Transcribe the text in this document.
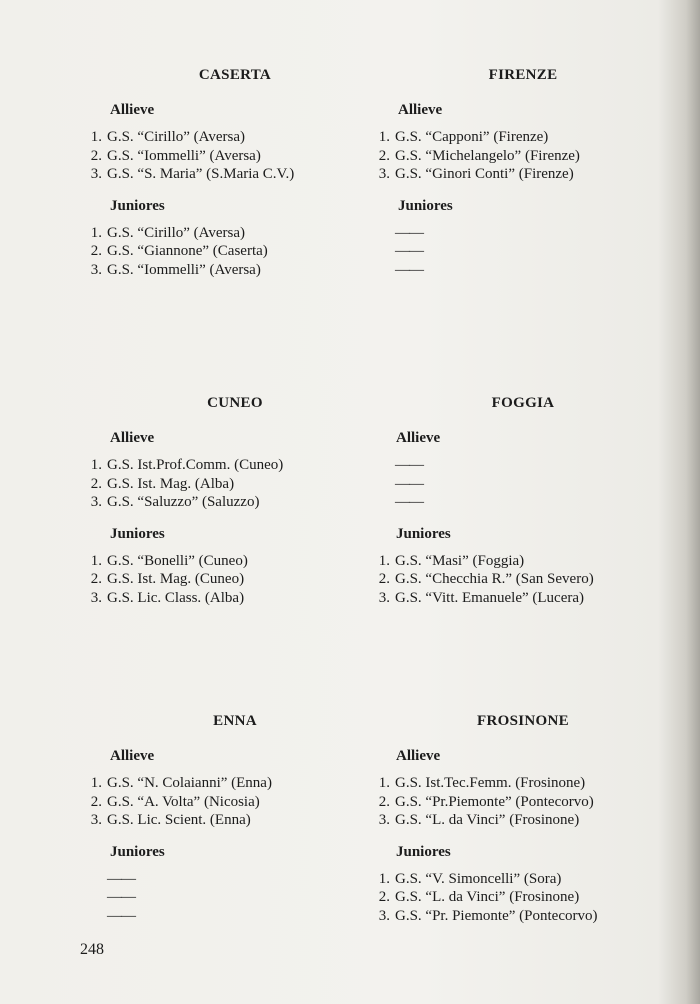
CASERTA
Allieve
1. G.S. “Cirillo” (Aversa)
2. G.S. “Iommelli” (Aversa)
3. G.S. “S. Maria” (S.Maria C.V.)
Juniores
1. G.S. “Cirillo” (Aversa)
2. G.S. “Giannone” (Caserta)
3. G.S. “Iommelli” (Aversa)
FIRENZE
Allieve
1. G.S. “Capponi” (Firenze)
2. G.S. “Michelangelo” (Firenze)
3. G.S. “Ginori Conti” (Firenze)
Juniores
——
——
——
CUNEO
Allieve
1. G.S. Ist.Prof.Comm. (Cuneo)
2. G.S. Ist. Mag. (Alba)
3. G.S. “Saluzzo” (Saluzzo)
Juniores
1. G.S. “Bonelli” (Cuneo)
2. G.S. Ist. Mag. (Cuneo)
3. G.S. Lic. Class. (Alba)
FOGGIA
Allieve
——
——
——
Juniores
1. G.S. “Masi” (Foggia)
2. G.S. “Checchia R.” (San Severo)
3. G.S. “Vitt. Emanuele” (Lucera)
ENNA
Allieve
1. G.S. “N. Colaianni” (Enna)
2. G.S. “A. Volta” (Nicosia)
3. G.S. Lic. Scient. (Enna)
Juniores
——
——
——
FROSINONE
Allieve
1. G.S. Ist.Tec.Femm. (Frosinone)
2. G.S. “Pr.Piemonte” (Pontecorvo)
3. G.S. “L. da Vinci” (Frosinone)
Juniores
1. G.S. “V. Simoncelli” (Sora)
2. G.S. “L. da Vinci” (Frosinone)
3. G.S. “Pr. Piemonte” (Pontecorvo)
248
